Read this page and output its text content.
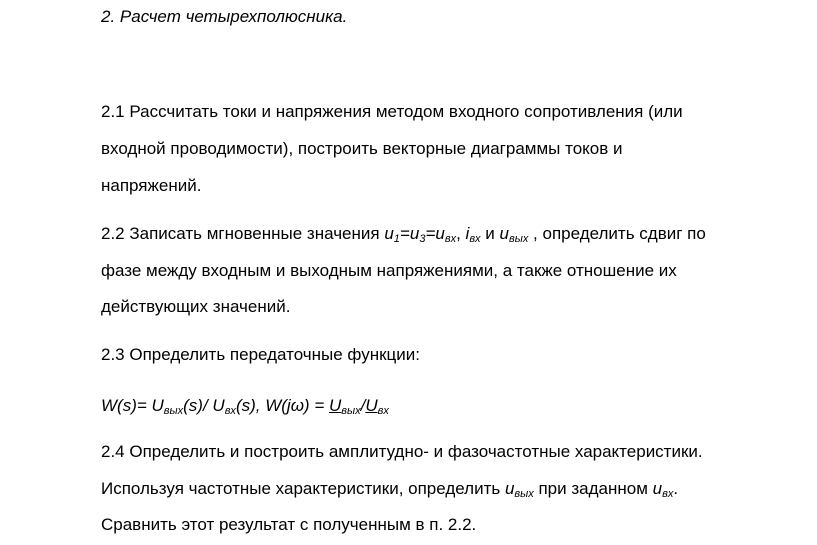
2. Расчет четырехполюсника.
2.1 Рассчитать токи и напряжения методом входного сопротивления (или
входной проводимости), построить векторные диаграммы токов и
напряжений.
2.2 Записать мгновенные значения $u_1=u_3=u_{вх}$, $i_{вх}$ и $u_{вых}$ , определить сдвиг по
фазе между входным и выходным напряжениями, а также отношение их
действующих значений.
2.3 Определить передаточные функции:
$W(s)= U_{вых}(s)/$ $U_{вх}(s)$, $W(j\omega) = U_{вых}/U_{вх}$
2.4 Определить и построить амплитудно- и фазочастотные характеристики.
Используя частотные характеристики, определить $u_{вых}$ при заданном $u_{вх}$.
Сравнить этот результат с полученным в п. 2.2.
